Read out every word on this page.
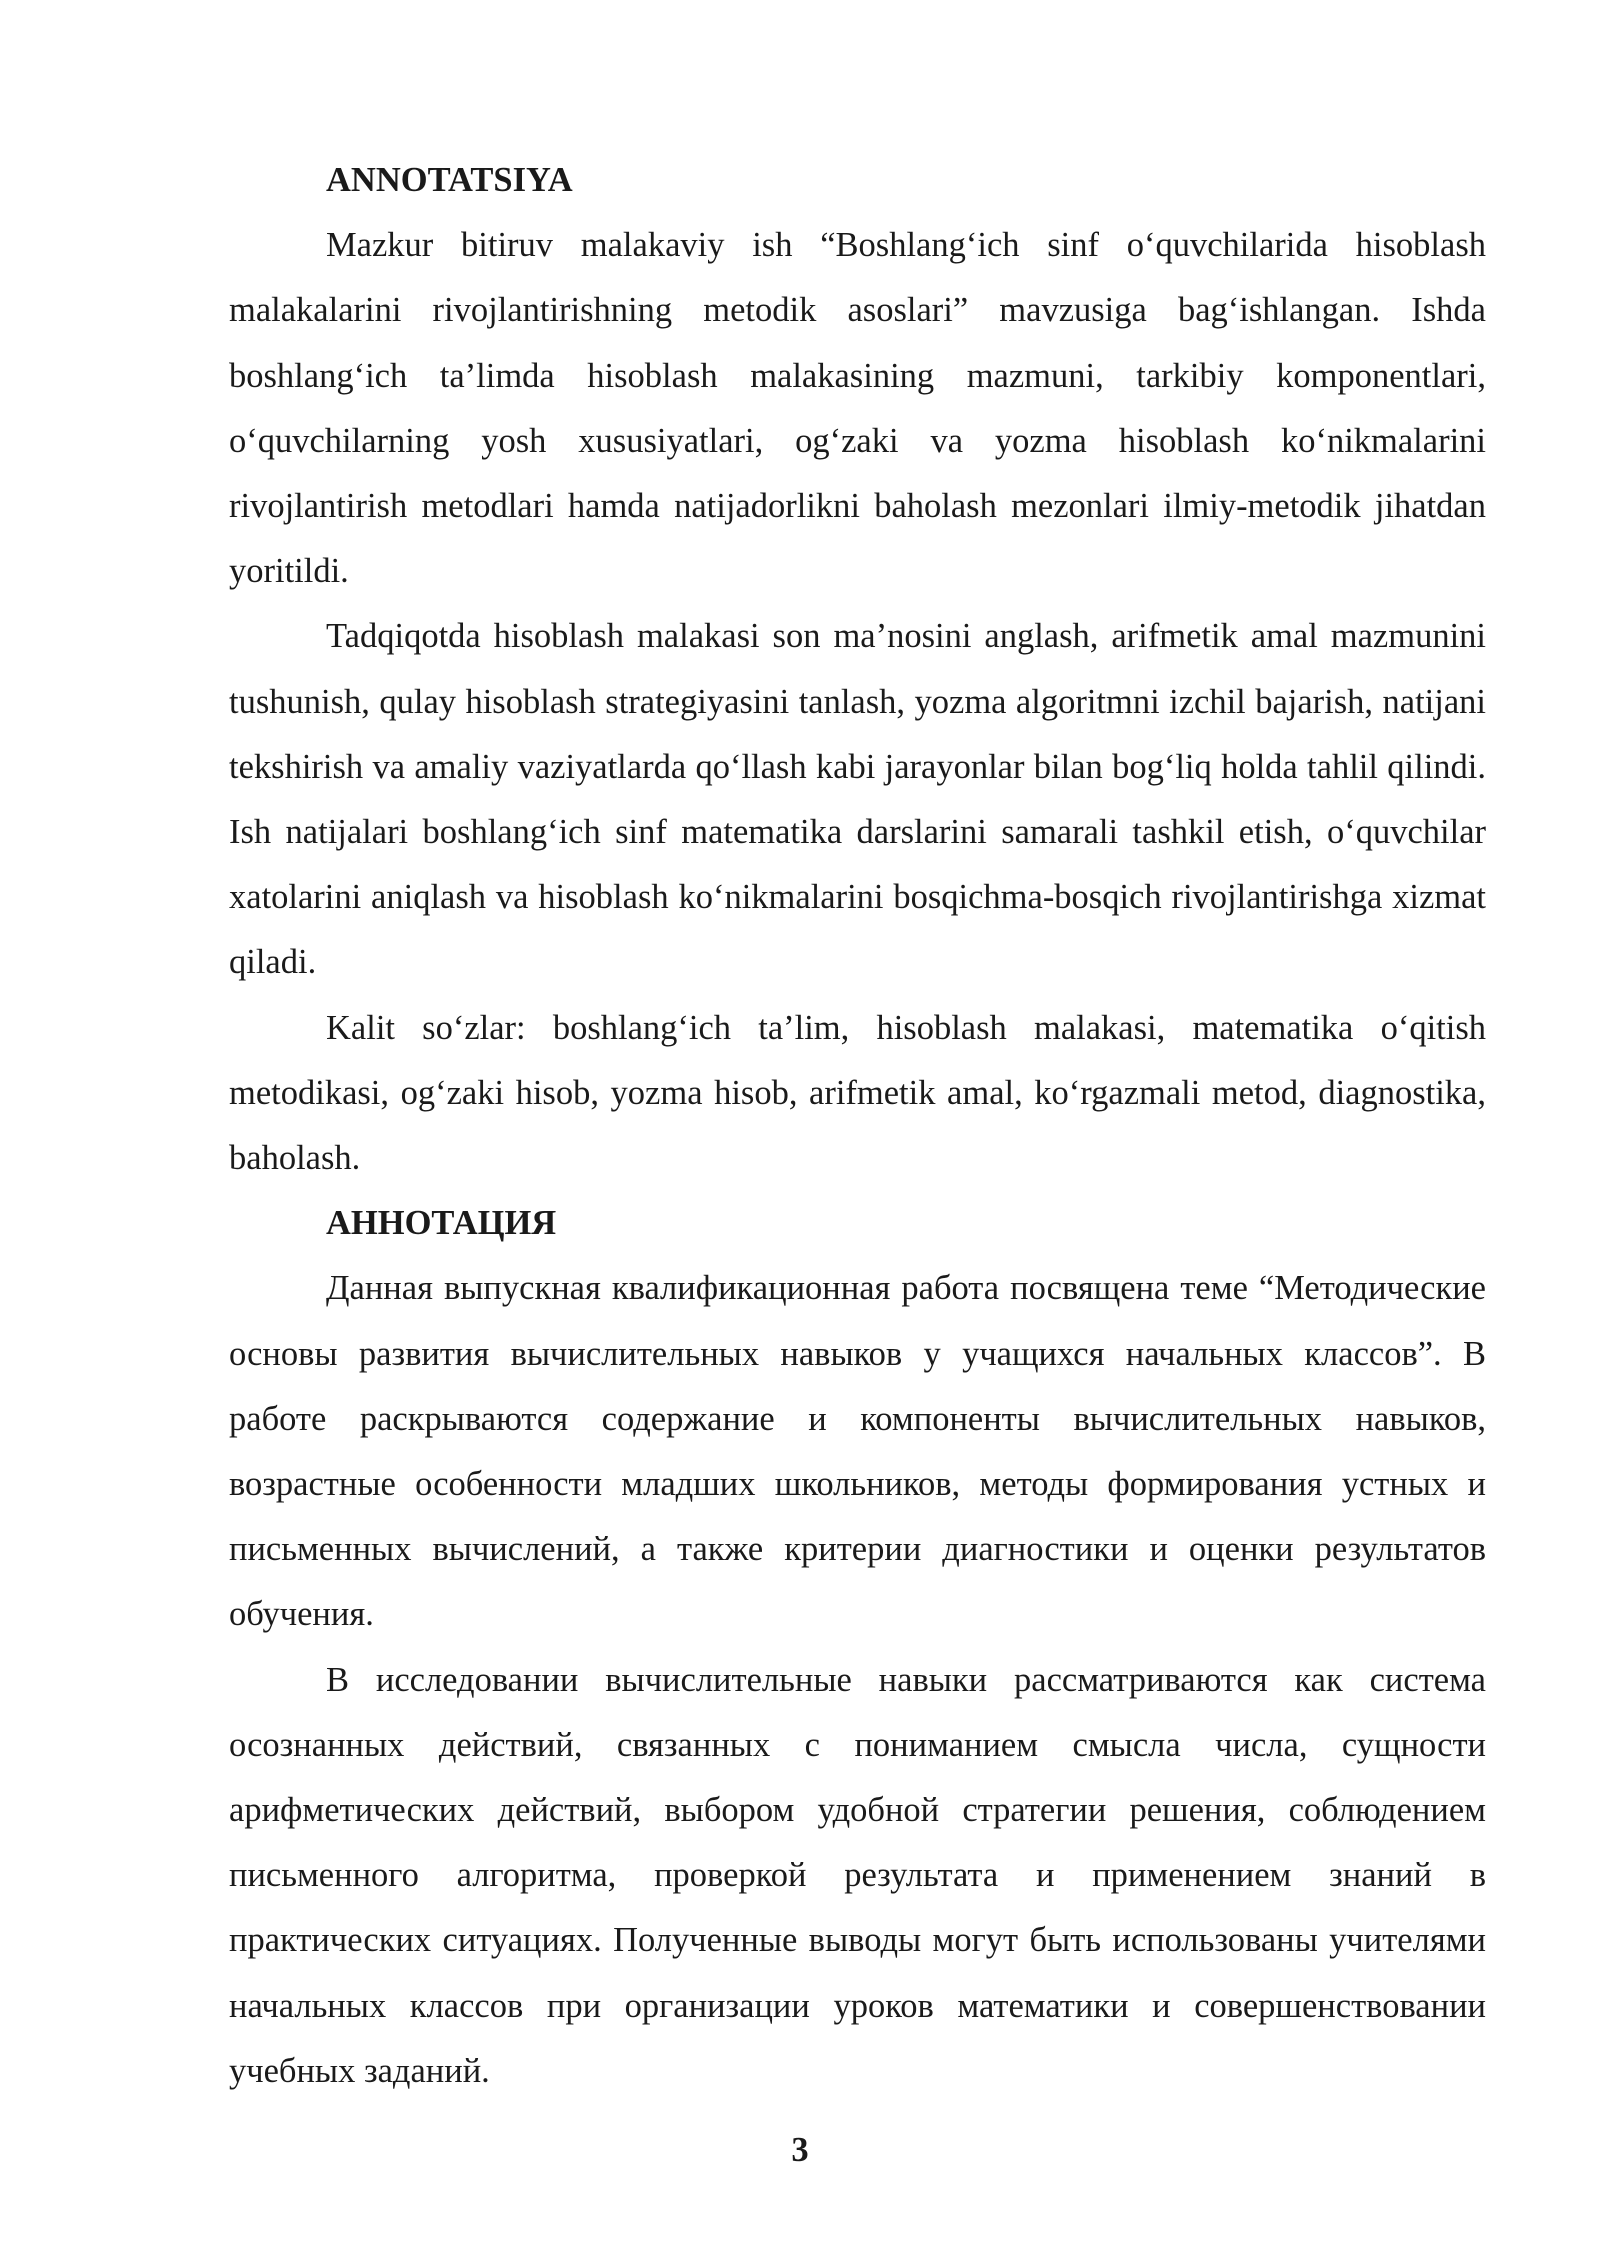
ANNOTATSIYA

Mazkur bitiruv malakaviy ish “Boshlang‘ich sinf o‘quvchilarida hisoblash malakalarini rivojlantirishning metodik asoslari” mavzusiga bag‘ishlangan. Ishda boshlang‘ich ta’limda hisoblash malakasining mazmuni, tarkibiy komponentlari, o‘quvchilarning yosh xususiyatlari, og‘zaki va yozma hisoblash ko‘nikmalarini rivojlantirish metodlari hamda natijadorlikni baholash mezonlari ilmiy-metodik jihatdan yoritildi.

Tadqiqotda hisoblash malakasi son ma’nosini anglash, arifmetik amal mazmunini tushunish, qulay hisoblash strategiyasini tanlash, yozma algoritmni izchil bajarish, natijani tekshirish va amaliy vaziyatlarda qo‘llash kabi jarayonlar bilan bog‘liq holda tahlil qilindi. Ish natijalari boshlang‘ich sinf matematika darslarini samarali tashkil etish, o‘quvchilar xatolarini aniqlash va hisoblash ko‘nikmalarini bosqichma-bosqich rivojlantirishga xizmat qiladi.

Kalit so‘zlar: boshlang‘ich ta’lim, hisoblash malakasi, matematika o‘qitish metodikasi, og‘zaki hisob, yozma hisob, arifmetik amal, ko‘rgazmali metod, diagnostika, baholash.

АННОТАЦИЯ

Данная выпускная квалификационная работа посвящена теме “Методические основы развития вычислительных навыков у учащихся начальных классов”. В работе раскрываются содержание и компоненты вычислительных навыков, возрастные особенности младших школьников, методы формирования устных и письменных вычислений, а также критерии диагностики и оценки результатов обучения.

В исследовании вычислительные навыки рассматриваются как система осознанных действий, связанных с пониманием смысла числа, сущности арифметических действий, выбором удобной стратегии решения, соблюдением письменного алгоритма, проверкой результата и применением знаний в практических ситуациях. Полученные выводы могут быть использованы учителями начальных классов при организации уроков математики и совершенствовании учебных заданий.

3
